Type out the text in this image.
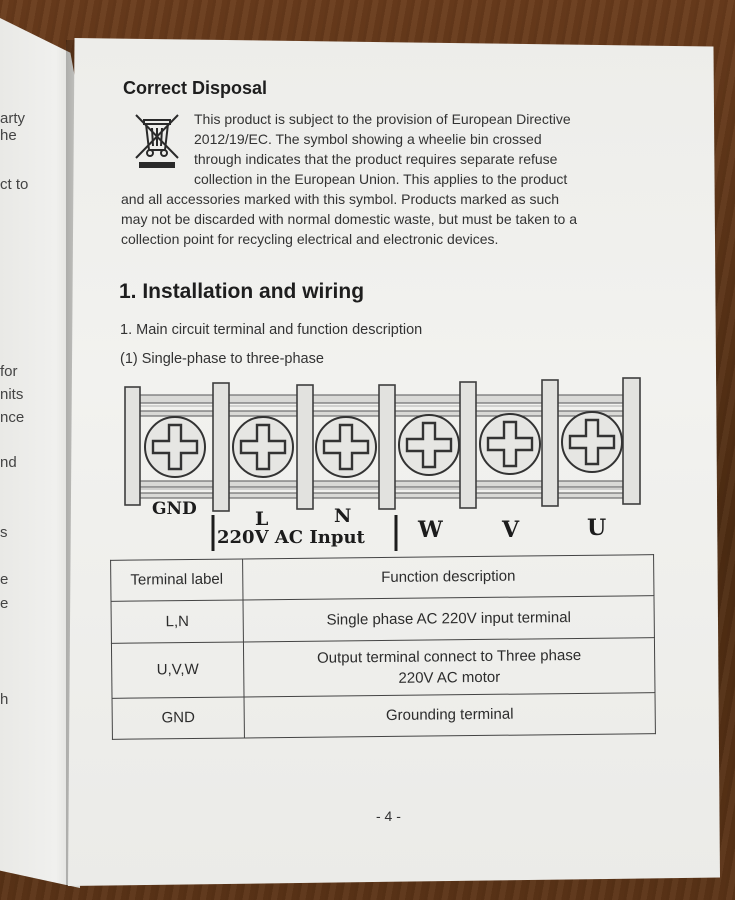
arty
he
ct to
for
nits
nce
nd
s
e
e
h
Correct Disposal
This product is subject to the provision of European Directive
2012/19/EC. The symbol showing a wheelie bin crossed
through indicates that the product requires separate refuse
collection in the European Union. This applies to the product
and all accessories marked with this symbol. Products marked as such
may not be discarded with normal domestic waste, but must be taken to a
collection point for recycling electrical and electronic devices.
1. Installation and wiring
1. Main circuit terminal and function description
(1) Single-phase to three-phase
GND	L	N
220V AC Input W	V	U
Terminal label	Function description
L,N	Single phase AC 220V input terminal
U,V,W	Output terminal connect to Three phase
220V AC motor

GND	Grounding terminal
- 4 -
